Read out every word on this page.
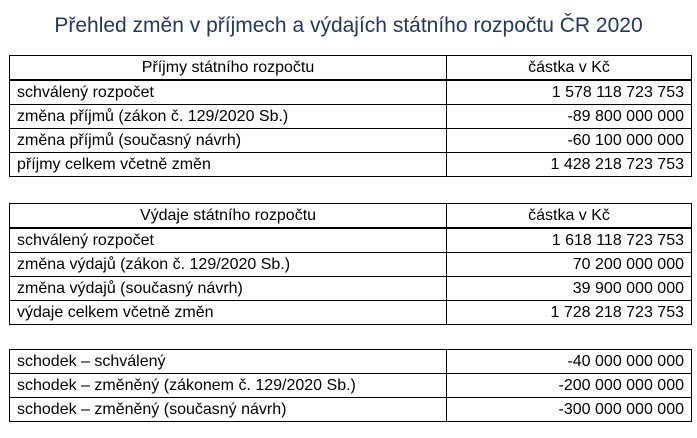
Přehled změn v příjmech a výdajích státního rozpočtu ČR 2020
Příjmy státního rozpočtu	částka v Kč
schválený rozpočet	1 578 118 723 753
změna příjmů (zákon č. 129/2020 Sb.)	-89 800 000 000
změna příjmů (současný návrh)	-60 100 000 000
příjmy celkem včetně změn	1 428 218 723 753
Výdaje státního rozpočtu	částka v Kč
schválený rozpočet	1 618 118 723 753
změna výdajů (zákon č. 129/2020 Sb.)	70 200 000 000
změna výdajů (současný návrh)	39 900 000 000
výdaje celkem včetně změn	1 728 218 723 753
schodek – schválený	-40 000 000 000
schodek – změněný (zákonem č. 129/2020 Sb.)	-200 000 000 000
schodek – změněný (současný návrh)	-300 000 000 000
